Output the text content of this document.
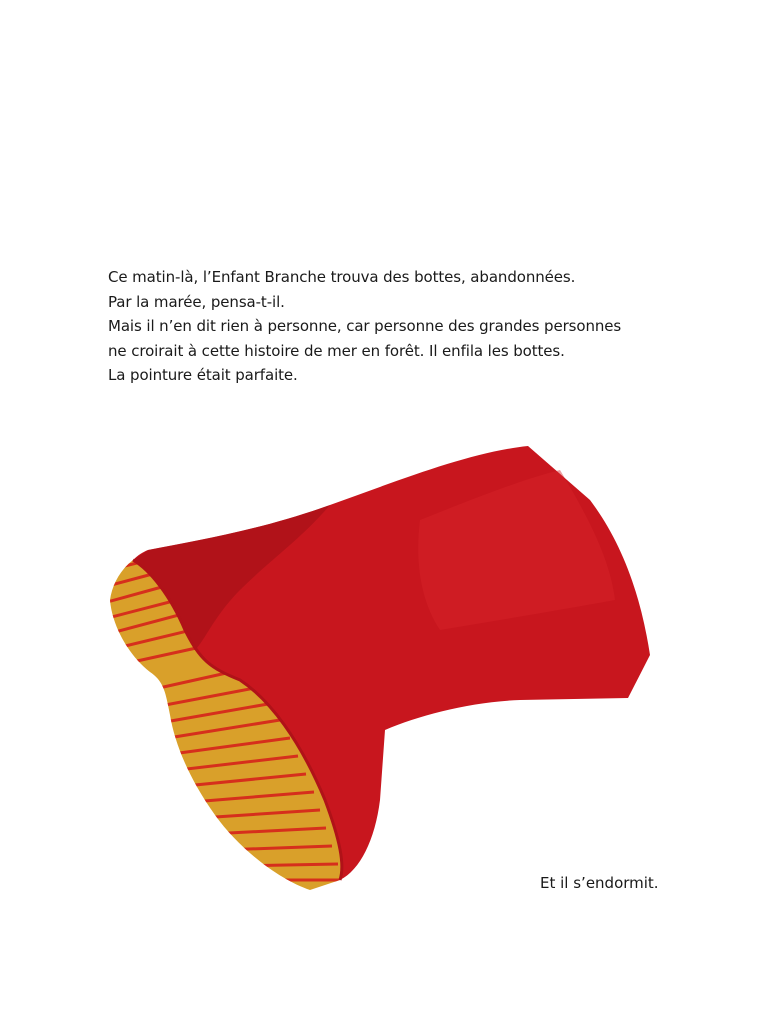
Ce matin-là, l’Enfant Branche trouva des bottes, abandonnées.

Par la marée, pensa-t-il.

Mais il n’en dit rien à personne, car personne des grandes personnes

ne croirait à cette histoire de mer en forêt. Il enfila les bottes.

La pointure était parfaite.

Et il s’endormit.
